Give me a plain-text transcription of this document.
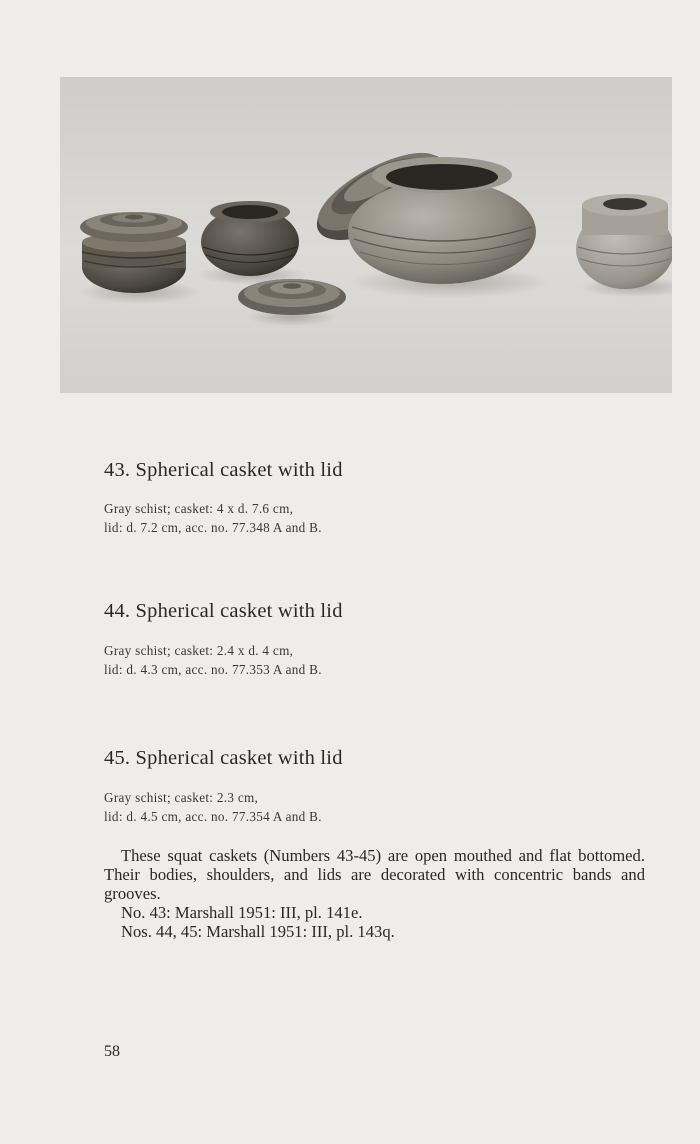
43. Spherical casket with lid
Gray schist; casket: 4 x d. 7.6 cm,
lid: d. 7.2 cm, acc. no. 77.348 A and B.
44. Spherical casket with lid
Gray schist; casket: 2.4 x d. 4 cm,
lid: d. 4.3 cm, acc. no. 77.353 A and B.
45. Spherical casket with lid
Gray schist; casket: 2.3 cm,
lid: d. 4.5 cm, acc. no. 77.354 A and B.

These squat caskets (Numbers 43-45) are open mouthed and flat bottomed. Their bodies, shoulders, and lids are decorated with concentric bands and grooves.

No. 43: Marshall 1951: III, pl. 141e.

Nos. 44, 45: Marshall 1951: III, pl. 143q.

58
